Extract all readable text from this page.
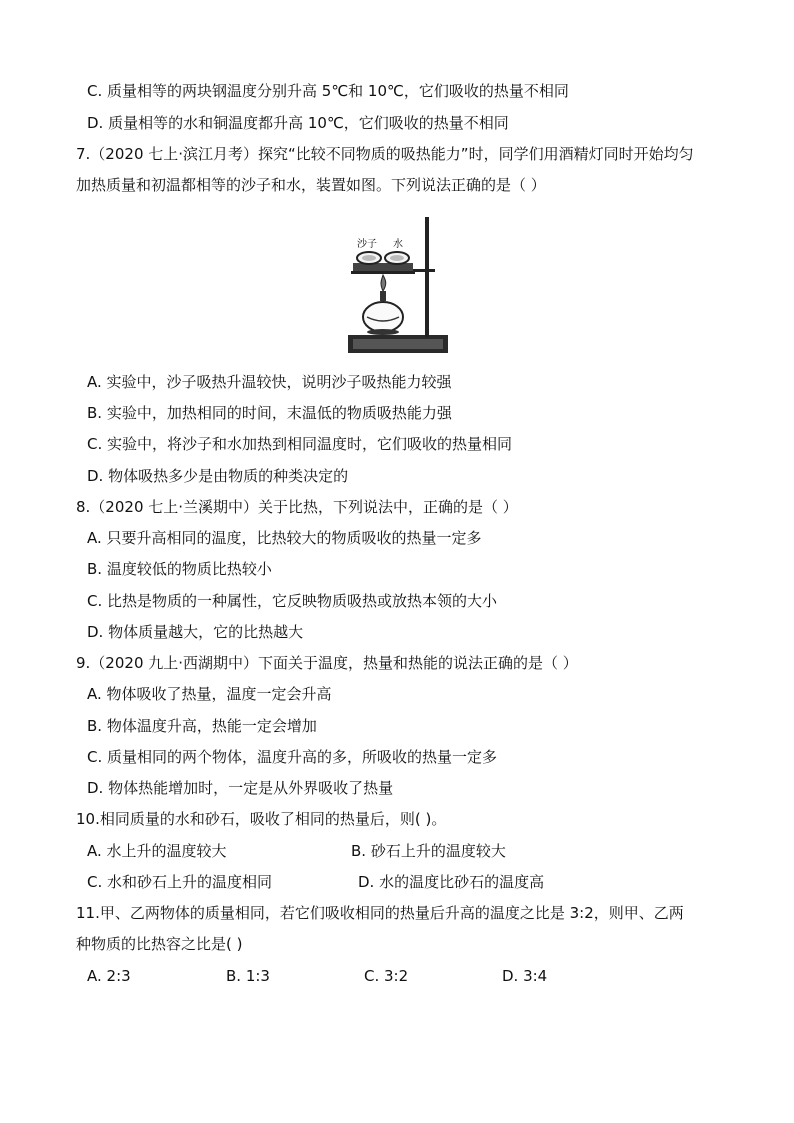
C. 质量相等的两块钢温度分别升高 5℃和 10℃，它们吸收的热量不相同
D. 质量相等的水和铜温度都升高 10℃，它们吸收的热量不相同
7.（2020 七上·滨江月考）探究“比较不同物质的吸热能力”时，同学们用酒精灯同时开始均匀
加热质量和初温都相等的沙子和水，装置如图。下列说法正确的是（ ）
沙子 水
A. 实验中，沙子吸热升温较快，说明沙子吸热能力较强
B. 实验中，加热相同的时间，末温低的物质吸热能力强
C. 实验中，将沙子和水加热到相同温度时，它们吸收的热量相同
D. 物体吸热多少是由物质的种类决定的
8.（2020 七上·兰溪期中）关于比热，下列说法中，正确的是（ ）
A. 只要升高相同的温度，比热较大的物质吸收的热量一定多
B. 温度较低的物质比热较小
C. 比热是物质的一种属性，它反映物质吸热或放热本领的大小
D. 物体质量越大，它的比热越大
9.（2020 九上·西湖期中）下面关于温度，热量和热能的说法正确的是（ ）
A. 物体吸收了热量，温度一定会升高
B. 物体温度升高，热能一定会增加
C. 质量相同的两个物体，温度升高的多，所吸收的热量一定多
D. 物体热能增加时，一定是从外界吸收了热量
10.相同质量的水和砂石，吸收了相同的热量后，则( )。
A. 水上升的温度较大	B. 砂石上升的温度较大
C. 水和砂石上升的温度相同	D. 水的温度比砂石的温度高
11.甲、乙两物体的质量相同，若它们吸收相同的热量后升高的温度之比是 3:2，则甲、乙两
种物质的比热容之比是( )
A. 2:3	B. 1:3	C. 3:2	D. 3:4
